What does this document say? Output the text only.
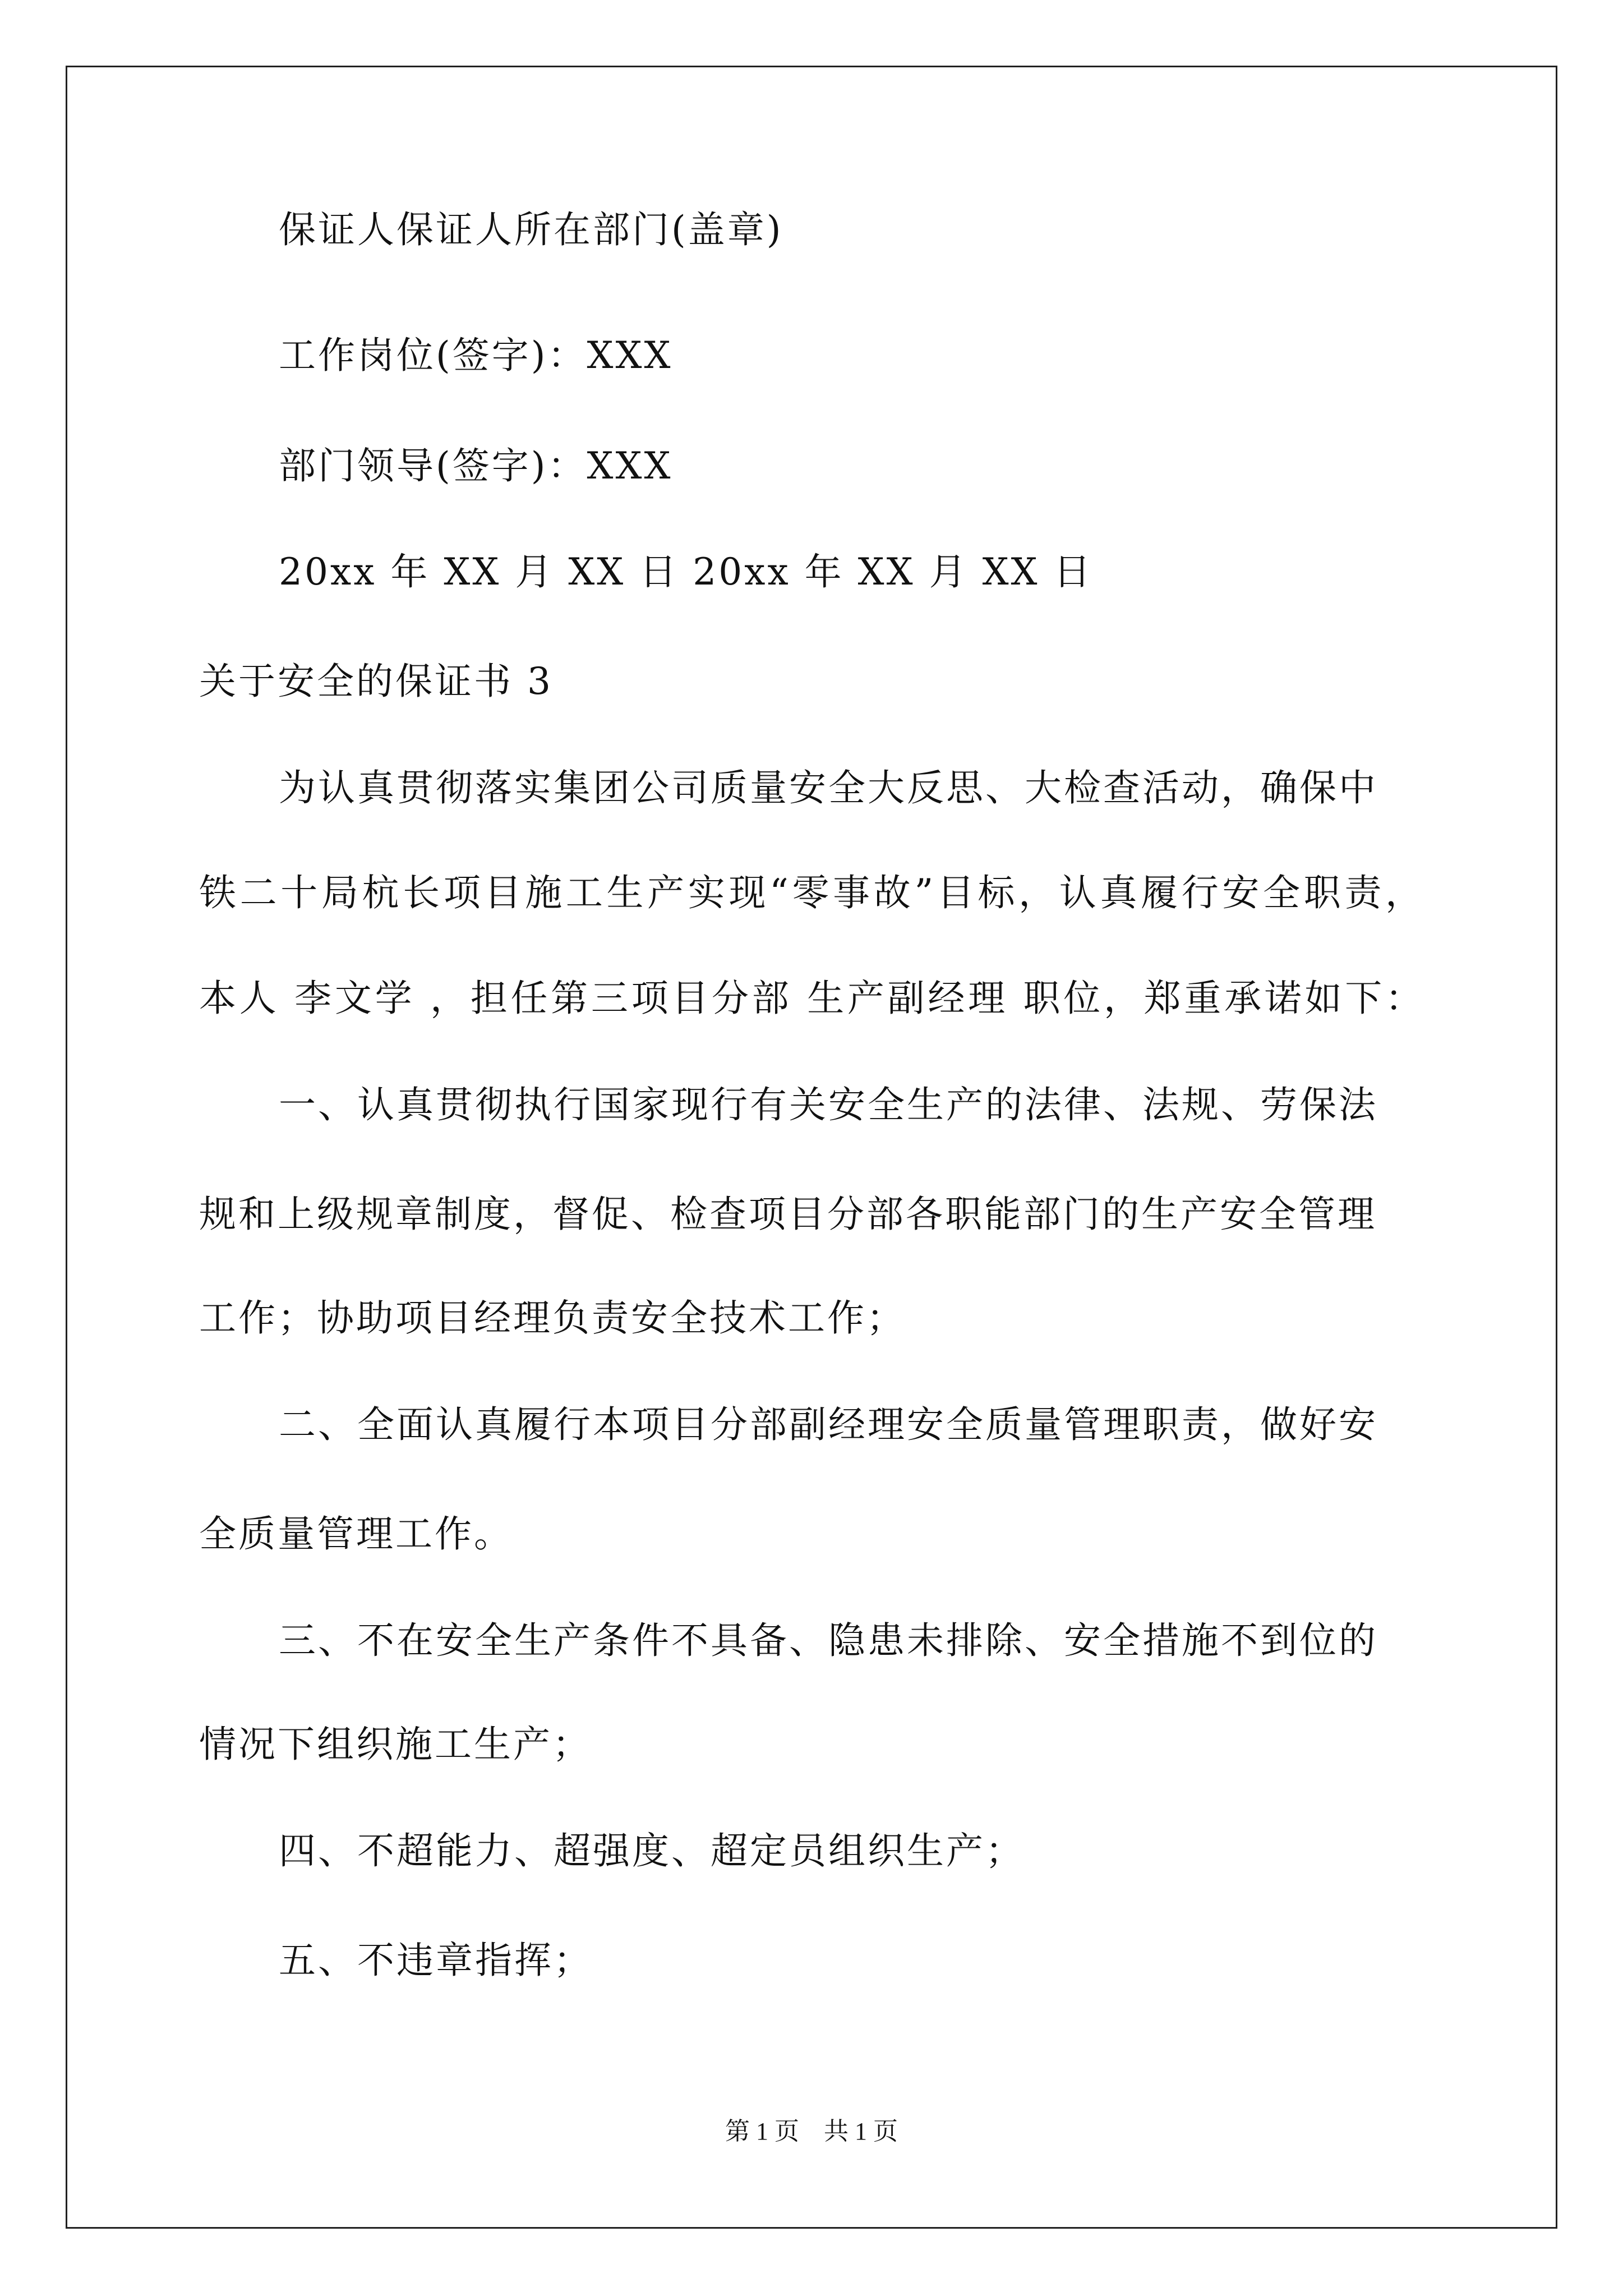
保证人保证人所在部门(盖章)
工作岗位(签字)：XXX
部门领导(签字)：XXX
20xx 年 XX 月 XX 日 20xx 年 XX 月 XX 日
关于安全的保证书 3
为认真贯彻落实集团公司质量安全大反思、大检查活动，确保中
铁二十局杭长项目施工生产实现“零事故”目标，认真履行安全职责，
本人 李文学 ，担任第三项目分部 生产副经理 职位，郑重承诺如下：
一、认真贯彻执行国家现行有关安全生产的法律、法规、劳保法
规和上级规章制度，督促、检查项目分部各职能部门的生产安全管理
工作；协助项目经理负责安全技术工作；
二、全面认真履行本项目分部副经理安全质量管理职责，做好安
全质量管理工作。
三、不在安全生产条件不具备、隐患未排除、安全措施不到位的
情况下组织施工生产；
四、不超能力、超强度、超定员组织生产；
五、不违章指挥；
第 1 页　共 1 页
